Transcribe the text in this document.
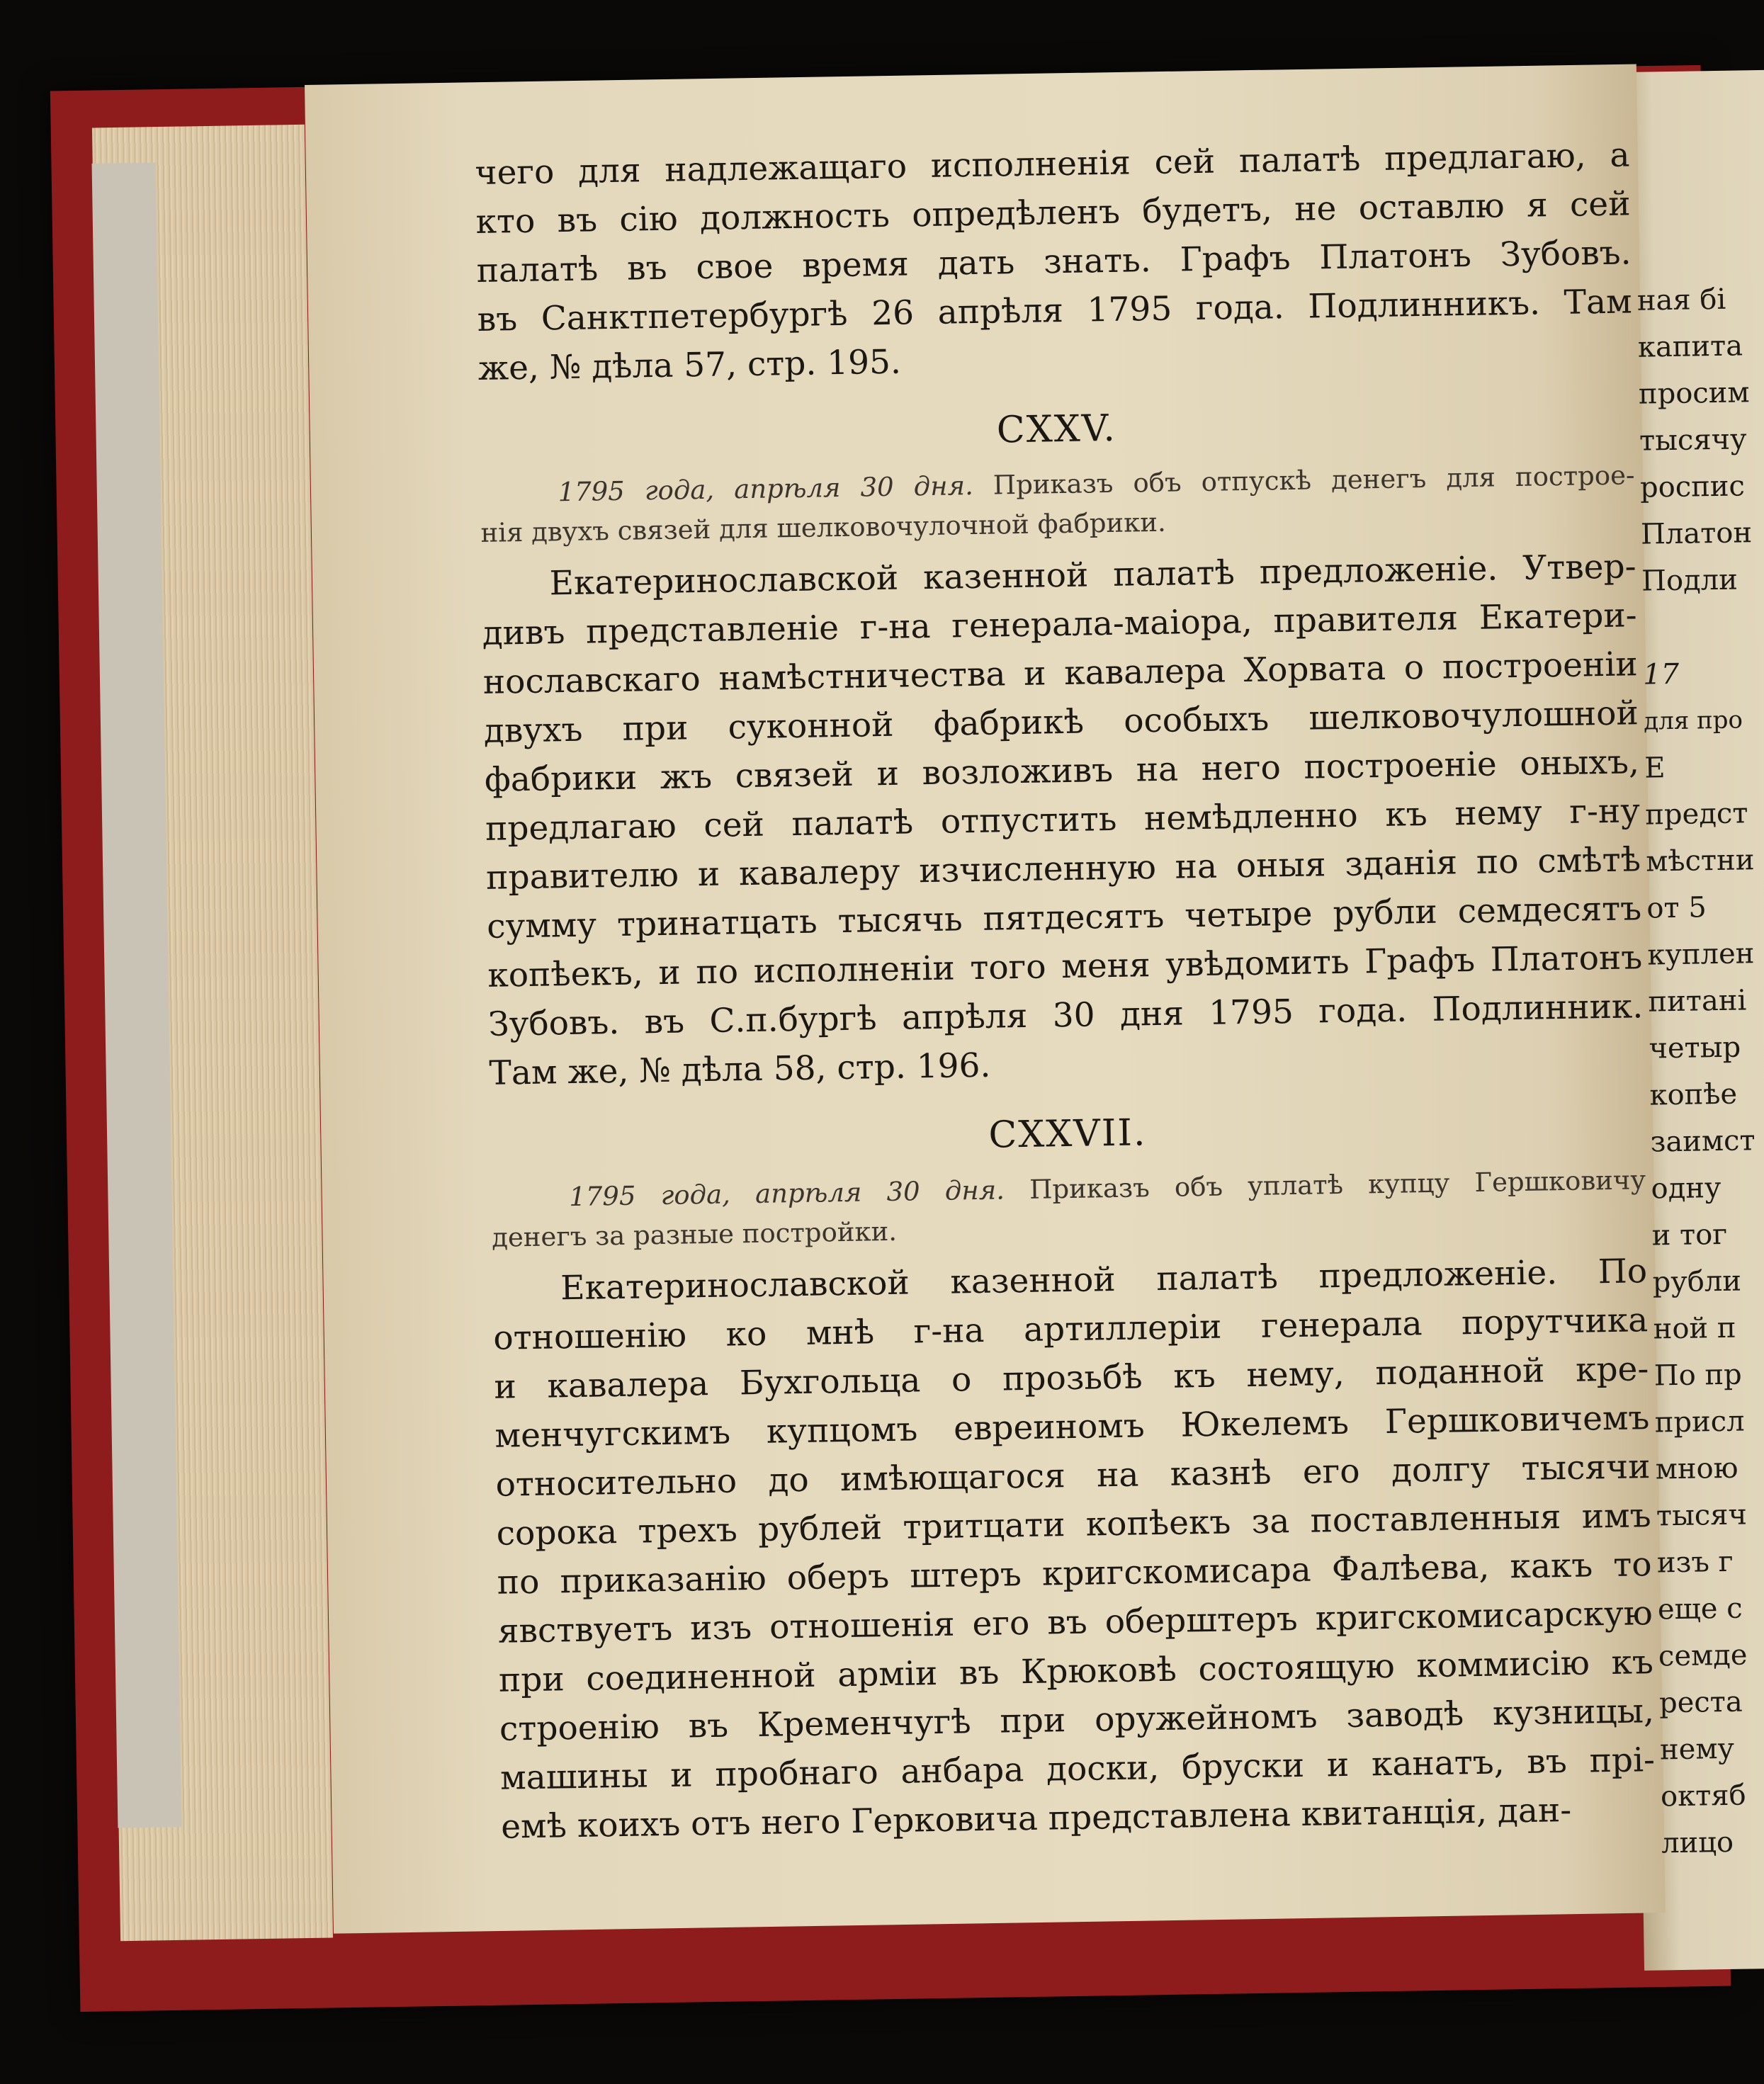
чего для надлежащаго исполненія сей палатѣ предлагаю, а
кто въ сію должность опредѣленъ будетъ, не оставлю я сей
палатѣ въ свое время дать знать. Графъ Платонъ Зубовъ.
въ Санктпетербургѣ 26 апрѣля 1795 года. Подлинникъ. Там
же, № дѣла 57, стр. 195.
CXXV.
1795 года, апрѣля 30 дня. Приказъ объ отпускѣ денегъ для построе-
нія двухъ связей для шелковочулочной фабрики.
Екатеринославской казенной палатѣ предложеніе. Утвер-
дивъ представленіе г-на генерала-маіора, правителя Екатери-
нославскаго намѣстничества и кавалера Хорвата о построеніи
двухъ при суконной фабрикѣ особыхъ шелковочулошной
фабрики жъ связей и возложивъ на него построеніе оныхъ,
предлагаю сей палатѣ отпустить немѣдленно къ нему г-ну
правителю и кавалеру изчисленную на оныя зданія по смѣтѣ
сумму тринатцать тысячь пятдесятъ четыре рубли семдесятъ
копѣекъ, и по исполненіи того меня увѣдомить Графъ Платонъ
Зубовъ. въ С.п.бургѣ апрѣля 30 дня 1795 года. Подлинник.
Там же, № дѣла 58, стр. 196.
CXXVII.
1795 года, апрѣля 30 дня. Приказъ объ уплатѣ купцу Гершковичу
денегъ за разные постройки.
Екатеринославской казенной палатѣ предложеніе. По
отношенію ко мнѣ г-на артиллеріи генерала порутчика
и кавалера Бухгольца о прозьбѣ къ нему, поданной кре-
менчугскимъ купцомъ евреиномъ Юкелемъ Гершковичемъ
относительно до имѣющагося на казнѣ его долгу тысячи
сорока трехъ рублей тритцати копѣекъ за поставленныя имъ
по приказанію оберъ штеръ кригскомисара Фалѣева, какъ то
явствуетъ изъ отношенія его въ оберштеръ кригскомисарскую
при соединенной арміи въ Крюковѣ состоящую коммисію къ
строенію въ Кременчугѣ при оружейномъ заводѣ кузницы,
машины и пробнаго анбара доски, бруски и канатъ, въ прі-
емѣ коихъ отъ него Герковича представлена квитанція, дан-
ная бі
капита
просим
тысячу
роспис
Платон
Подли
17
для про
Е
предст
мѣстни
от 5
куплен
питані
четыр
копѣе
заимст
одну
и тог
рубли
ной п
По пр
присл
мною
тысяч
изъ г
еще с
семде
реста
нему
октяб
лицо
